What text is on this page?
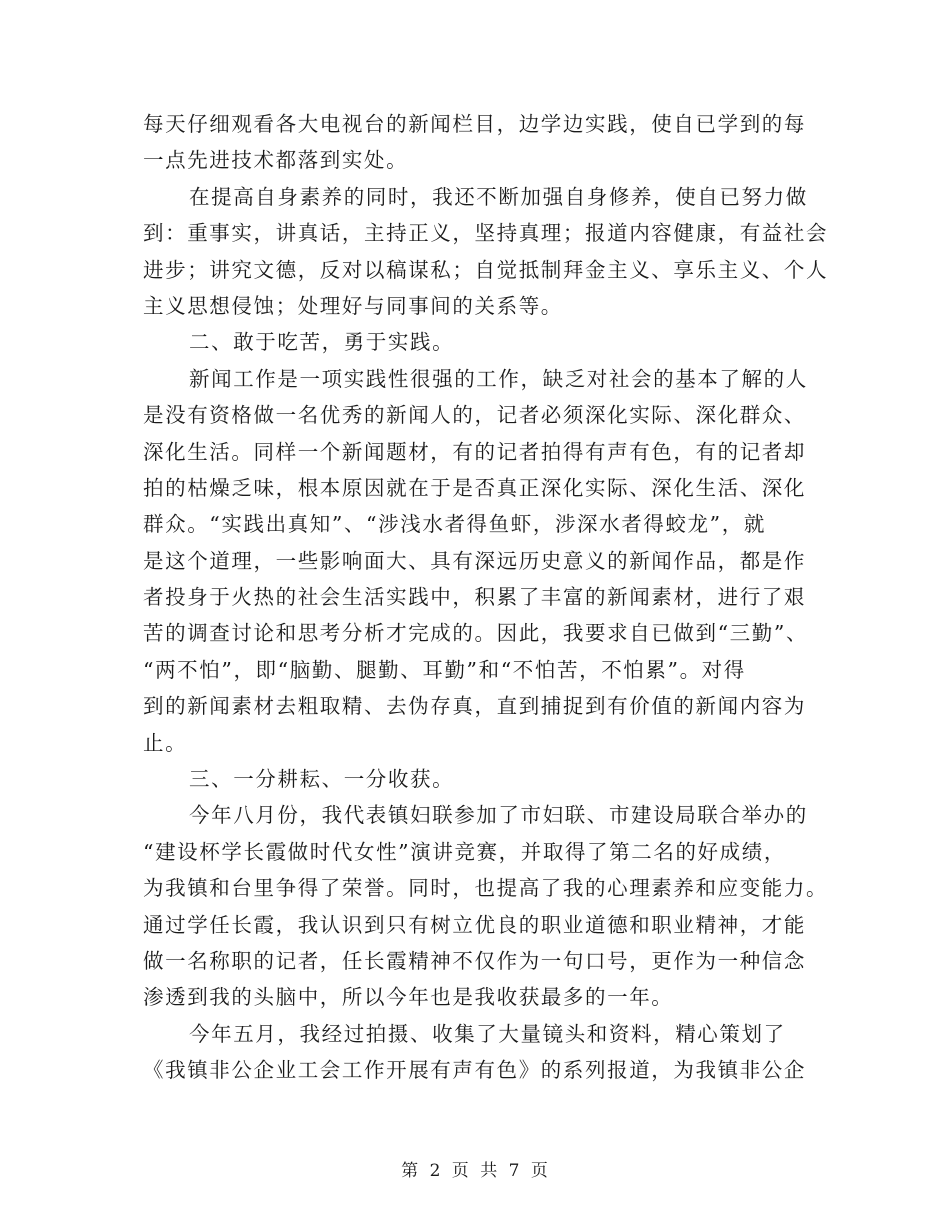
每天仔细观看各大电视台的新闻栏目，边学边实践，使自已学到的每
一点先进技术都落到实处。
在提高自身素养的同时，我还不断加强自身修养，使自已努力做
到：重事实，讲真话，主持正义，坚持真理；报道内容健康，有益社会
进步；讲究文德，反对以稿谋私；自觉抵制拜金主义、享乐主义、个人
主义思想侵蚀；处理好与同事间的关系等。
二、敢于吃苦，勇于实践。
新闻工作是一项实践性很强的工作，缺乏对社会的基本了解的人
是没有资格做一名优秀的新闻人的，记者必须深化实际、深化群众、
深化生活。同样一个新闻题材，有的记者拍得有声有色，有的记者却
拍的枯燥乏味，根本原因就在于是否真正深化实际、深化生活、深化
群众。“实践出真知”、“涉浅水者得鱼虾，涉深水者得蛟龙”，就
是这个道理，一些影响面大、具有深远历史意义的新闻作品，都是作
者投身于火热的社会生活实践中，积累了丰富的新闻素材，进行了艰
苦的调查讨论和思考分析才完成的。因此，我要求自已做到“三勤”、
“两不怕”，即“脑勤、腿勤、耳勤”和“不怕苦，不怕累”。对得
到的新闻素材去粗取精、去伪存真，直到捕捉到有价值的新闻内容为
止。
三、一分耕耘、一分收获。
今年八月份，我代表镇妇联参加了市妇联、市建设局联合举办的
“建设杯学长霞做时代女性”演讲竞赛，并取得了第二名的好成绩，
为我镇和台里争得了荣誉。同时，也提高了我的心理素养和应变能力。
通过学任长霞，我认识到只有树立优良的职业道德和职业精神，才能
做一名称职的记者，任长霞精神不仅作为一句口号，更作为一种信念
渗透到我的头脑中，所以今年也是我收获最多的一年。
今年五月，我经过拍摄、收集了大量镜头和资料，精心策划了
《我镇非公企业工会工作开展有声有色》的系列报道，为我镇非公企
第 2 页 共 7 页
